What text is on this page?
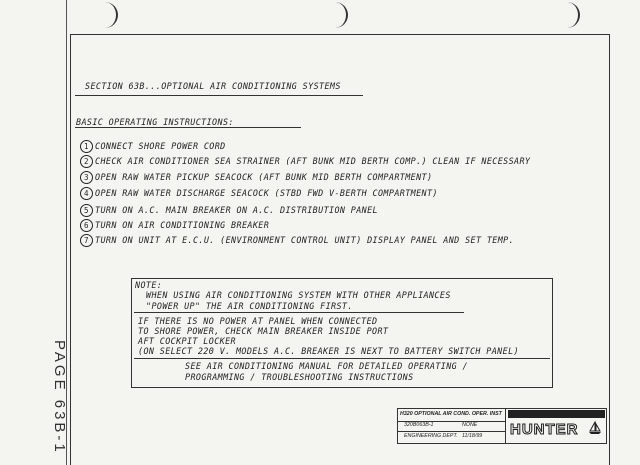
SECTION 63B...OPTIONAL AIR CONDITIONING SYSTEMS
BASIC OPERATING INSTRUCTIONS:
1 CONNECT SHORE POWER CORD
2 CHECK AIR CONDITIONER SEA STRAINER (AFT BUNK MID BERTH COMP.) CLEAN IF NECESSARY
3 OPEN RAW WATER PICKUP SEACOCK (AFT BUNK MID BERTH COMPARTMENT)
4 OPEN RAW WATER DISCHARGE SEACOCK (STBD FWD V-BERTH COMPARTMENT)
5 TURN ON A.C. MAIN BREAKER ON A.C. DISTRIBUTION PANEL
6 TURN ON AIR CONDITIONING BREAKER
7 TURN ON UNIT AT E.C.U. (ENVIRONMENT CONTROL UNIT) DISPLAY PANEL AND SET TEMP.
NOTE:
WHEN USING AIR CONDITIONING SYSTEM WITH OTHER APPLIANCES
"POWER UP" THE AIR CONDITIONING FIRST.
IF THERE IS NO POWER AT PANEL WHEN CONNECTED
TO SHORE POWER, CHECK MAIN BREAKER INSIDE PORT
AFT COCKPIT LOCKER
(ON SELECT 220 V. MODELS A.C. BREAKER IS NEXT TO BATTERY SWITCH PANEL)
SEE AIR CONDITIONING MANUAL FOR DETAILED OPERATING /
PROGRAMMING / TROUBLESHOOTING INSTRUCTIONS
PAGE 63B-1	H320 OPTIONAL AIR COND. OPER. INST
320B063B-1	NONE
ENGINEERING DEPT. 11/18/99 HUNTER
